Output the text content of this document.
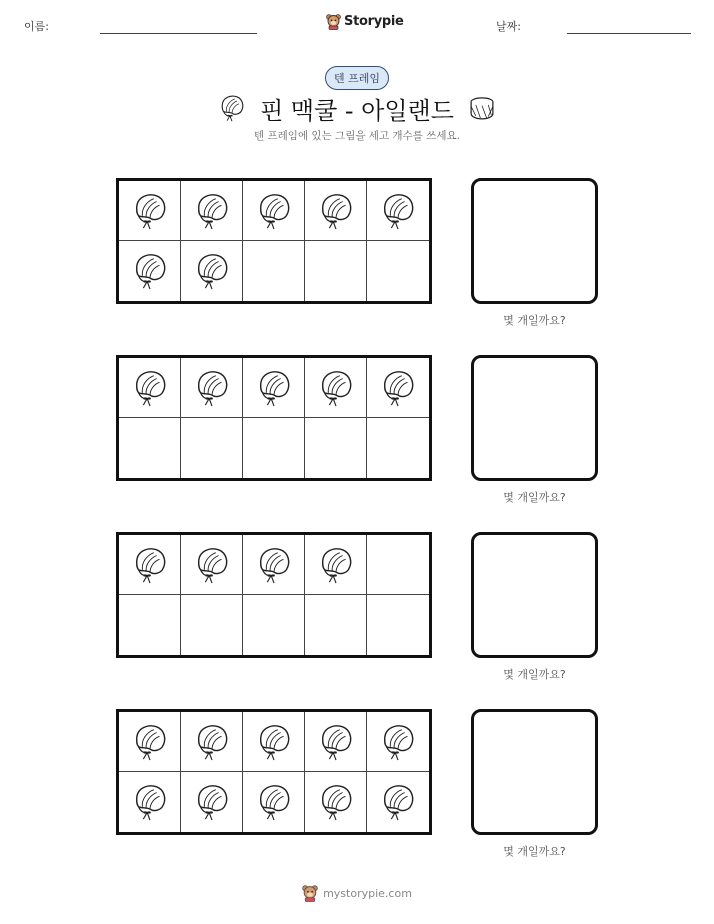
이름:	Storypie	날짜:
텐 프레임
핀 맥쿨 - 아일랜드
텐 프레임에 있는 그림을 세고 개수를 쓰세요.
몇 개일까요?
몇 개일까요?
몇 개일까요?
몇 개일까요?
mystorypie.com
